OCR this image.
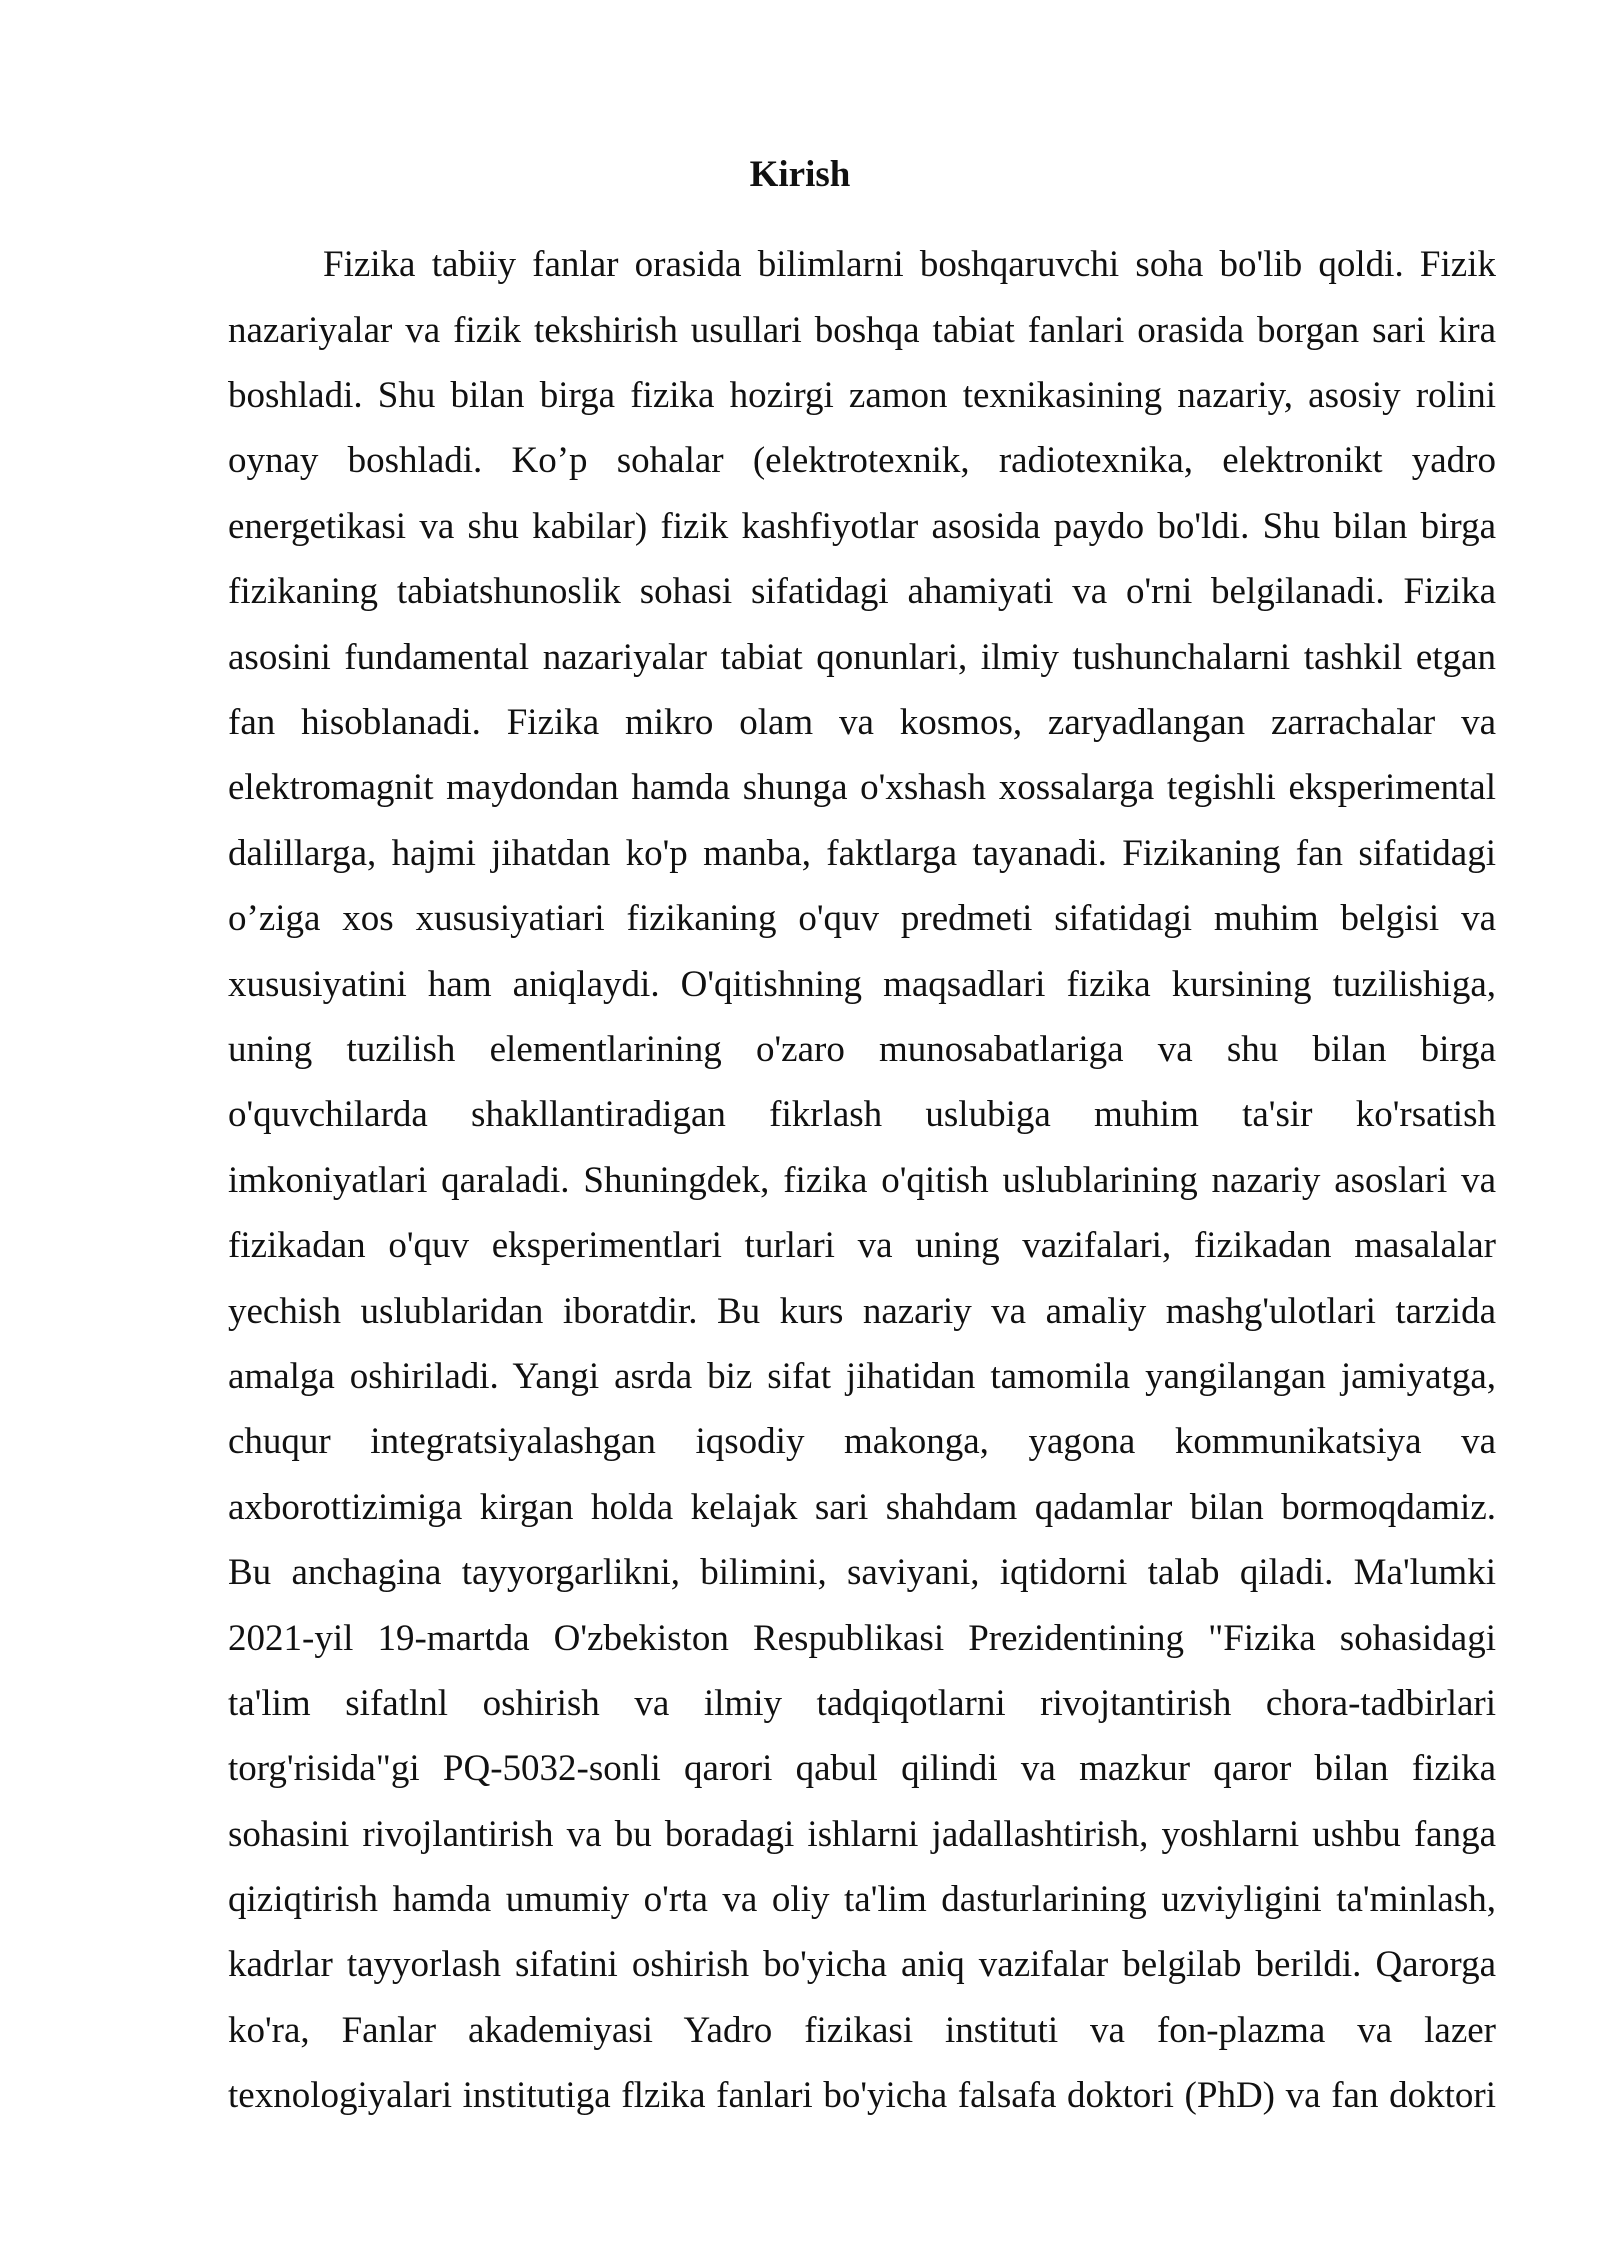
Kirish
Fizika tabiiy fanlar orasida bilimlarni boshqaruvchi soha bo'lib qoldi. Fizik
nazariyalar va fizik tekshirish usullari boshqa tabiat fanlari orasida borgan sari kira
boshladi. Shu bilan birga fizika hozirgi zamon texnikasining nazariy, asosiy rolini
oynay boshladi. Ko’p sohalar (elektrotexnik, radiotexnika, elektronikt yadro
energetikasi va shu kabilar) fizik kashfiyotlar asosida paydo bo'ldi. Shu bilan birga
fizikaning tabiatshunoslik sohasi sifatidagi ahamiyati va o'rni belgilanadi. Fizika
asosini fundamental nazariyalar tabiat qonunlari, ilmiy tushunchalarni tashkil etgan
fan hisoblanadi. Fizika mikro olam va kosmos, zaryadlangan zarrachalar va
elektromagnit maydondan hamda shunga o'xshash xossalarga tegishli eksperimental
dalillarga, hajmi jihatdan ko'p manba, faktlarga tayanadi. Fizikaning fan sifatidagi
o’ziga xos xususiyatiari fizikaning o'quv predmeti sifatidagi muhim belgisi va
xususiyatini ham aniqlaydi. O'qitishning maqsadlari fizika kursining tuzilishiga,
uning tuzilish elementlarining o'zaro munosabatlariga va shu bilan birga
o'quvchilarda shakllantiradigan fikrlash uslubiga muhim ta'sir ko'rsatish
imkoniyatlari qaraladi. Shuningdek, fizika o'qitish uslublarining nazariy asoslari va
fizikadan o'quv eksperimentlari turlari va uning vazifalari, fizikadan masalalar
yechish uslublaridan iboratdir. Bu kurs nazariy va amaliy mashg'ulotlari tarzida
amalga oshiriladi. Yangi asrda biz sifat jihatidan tamomila yangilangan jamiyatga,
chuqur integratsiyalashgan iqsodiy makonga, yagona kommunikatsiya va
axborottizimiga kirgan holda kelajak sari shahdam qadamlar bilan bormoqdamiz.
Bu anchagina tayyorgarlikni, bilimini, saviyani, iqtidorni talab qiladi. Ma'lumki
2021-yil 19-martda O'zbekiston Respublikasi Prezidentining "Fizika sohasidagi
ta'lim sifatlnl oshirish va ilmiy tadqiqotlarni rivojtantirish chora-tadbirlari
torg'risida"gi PQ-5032-sonli qarori qabul qilindi va mazkur qaror bilan fizika
sohasini rivojlantirish va bu boradagi ishlarni jadallashtirish, yoshlarni ushbu fanga
qiziqtirish hamda umumiy o'rta va oliy ta'lim dasturlarining uzviyligini ta'minlash,
kadrlar tayyorlash sifatini oshirish bo'yicha aniq vazifalar belgilab berildi. Qarorga
ko'ra, Fanlar akademiyasi Yadro fizikasi instituti va fon-plazma va lazer
texnologiyalari institutiga flzika fanlari bo'yicha falsafa doktori (PhD) va fan doktori
